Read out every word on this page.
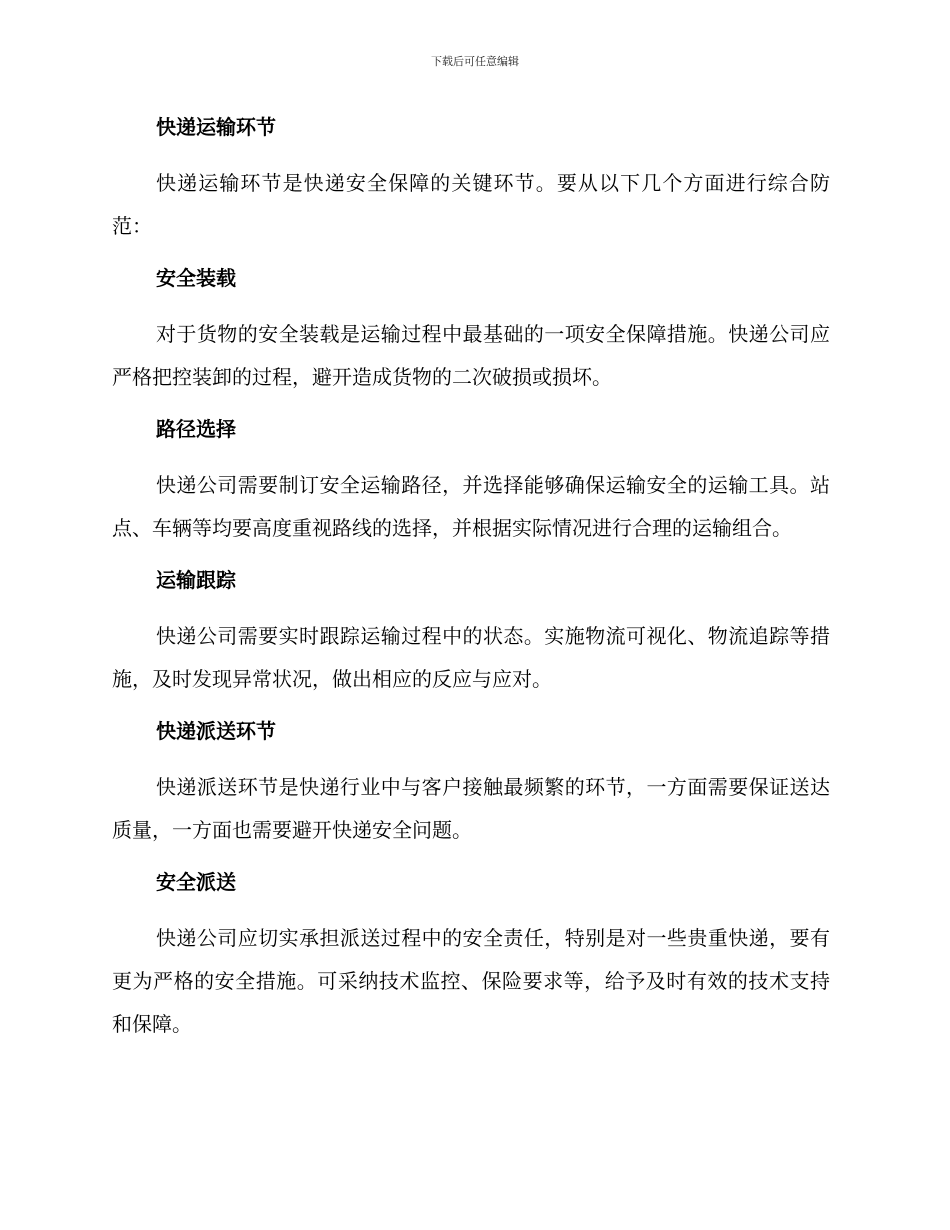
下载后可任意编辑
快递运输环节

快递运输环节是快递安全保障的关键环节。要从以下几个方面进行综合防范：

安全装载

对于货物的安全装载是运输过程中最基础的一项安全保障措施。快递公司应严格把控装卸的过程，避开造成货物的二次破损或损坏。

路径选择

快递公司需要制订安全运输路径，并选择能够确保运输安全的运输工具。站点、车辆等均要高度重视路线的选择，并根据实际情况进行合理的运输组合。

运输跟踪

快递公司需要实时跟踪运输过程中的状态。实施物流可视化、物流追踪等措施，及时发现异常状况，做出相应的反应与应对。

快递派送环节

快递派送环节是快递行业中与客户接触最频繁的环节，一方面需要保证送达质量，一方面也需要避开快递安全问题。

安全派送

快递公司应切实承担派送过程中的安全责任，特别是对一些贵重快递，要有更为严格的安全措施。可采纳技术监控、保险要求等，给予及时有效的技术支持和保障。
